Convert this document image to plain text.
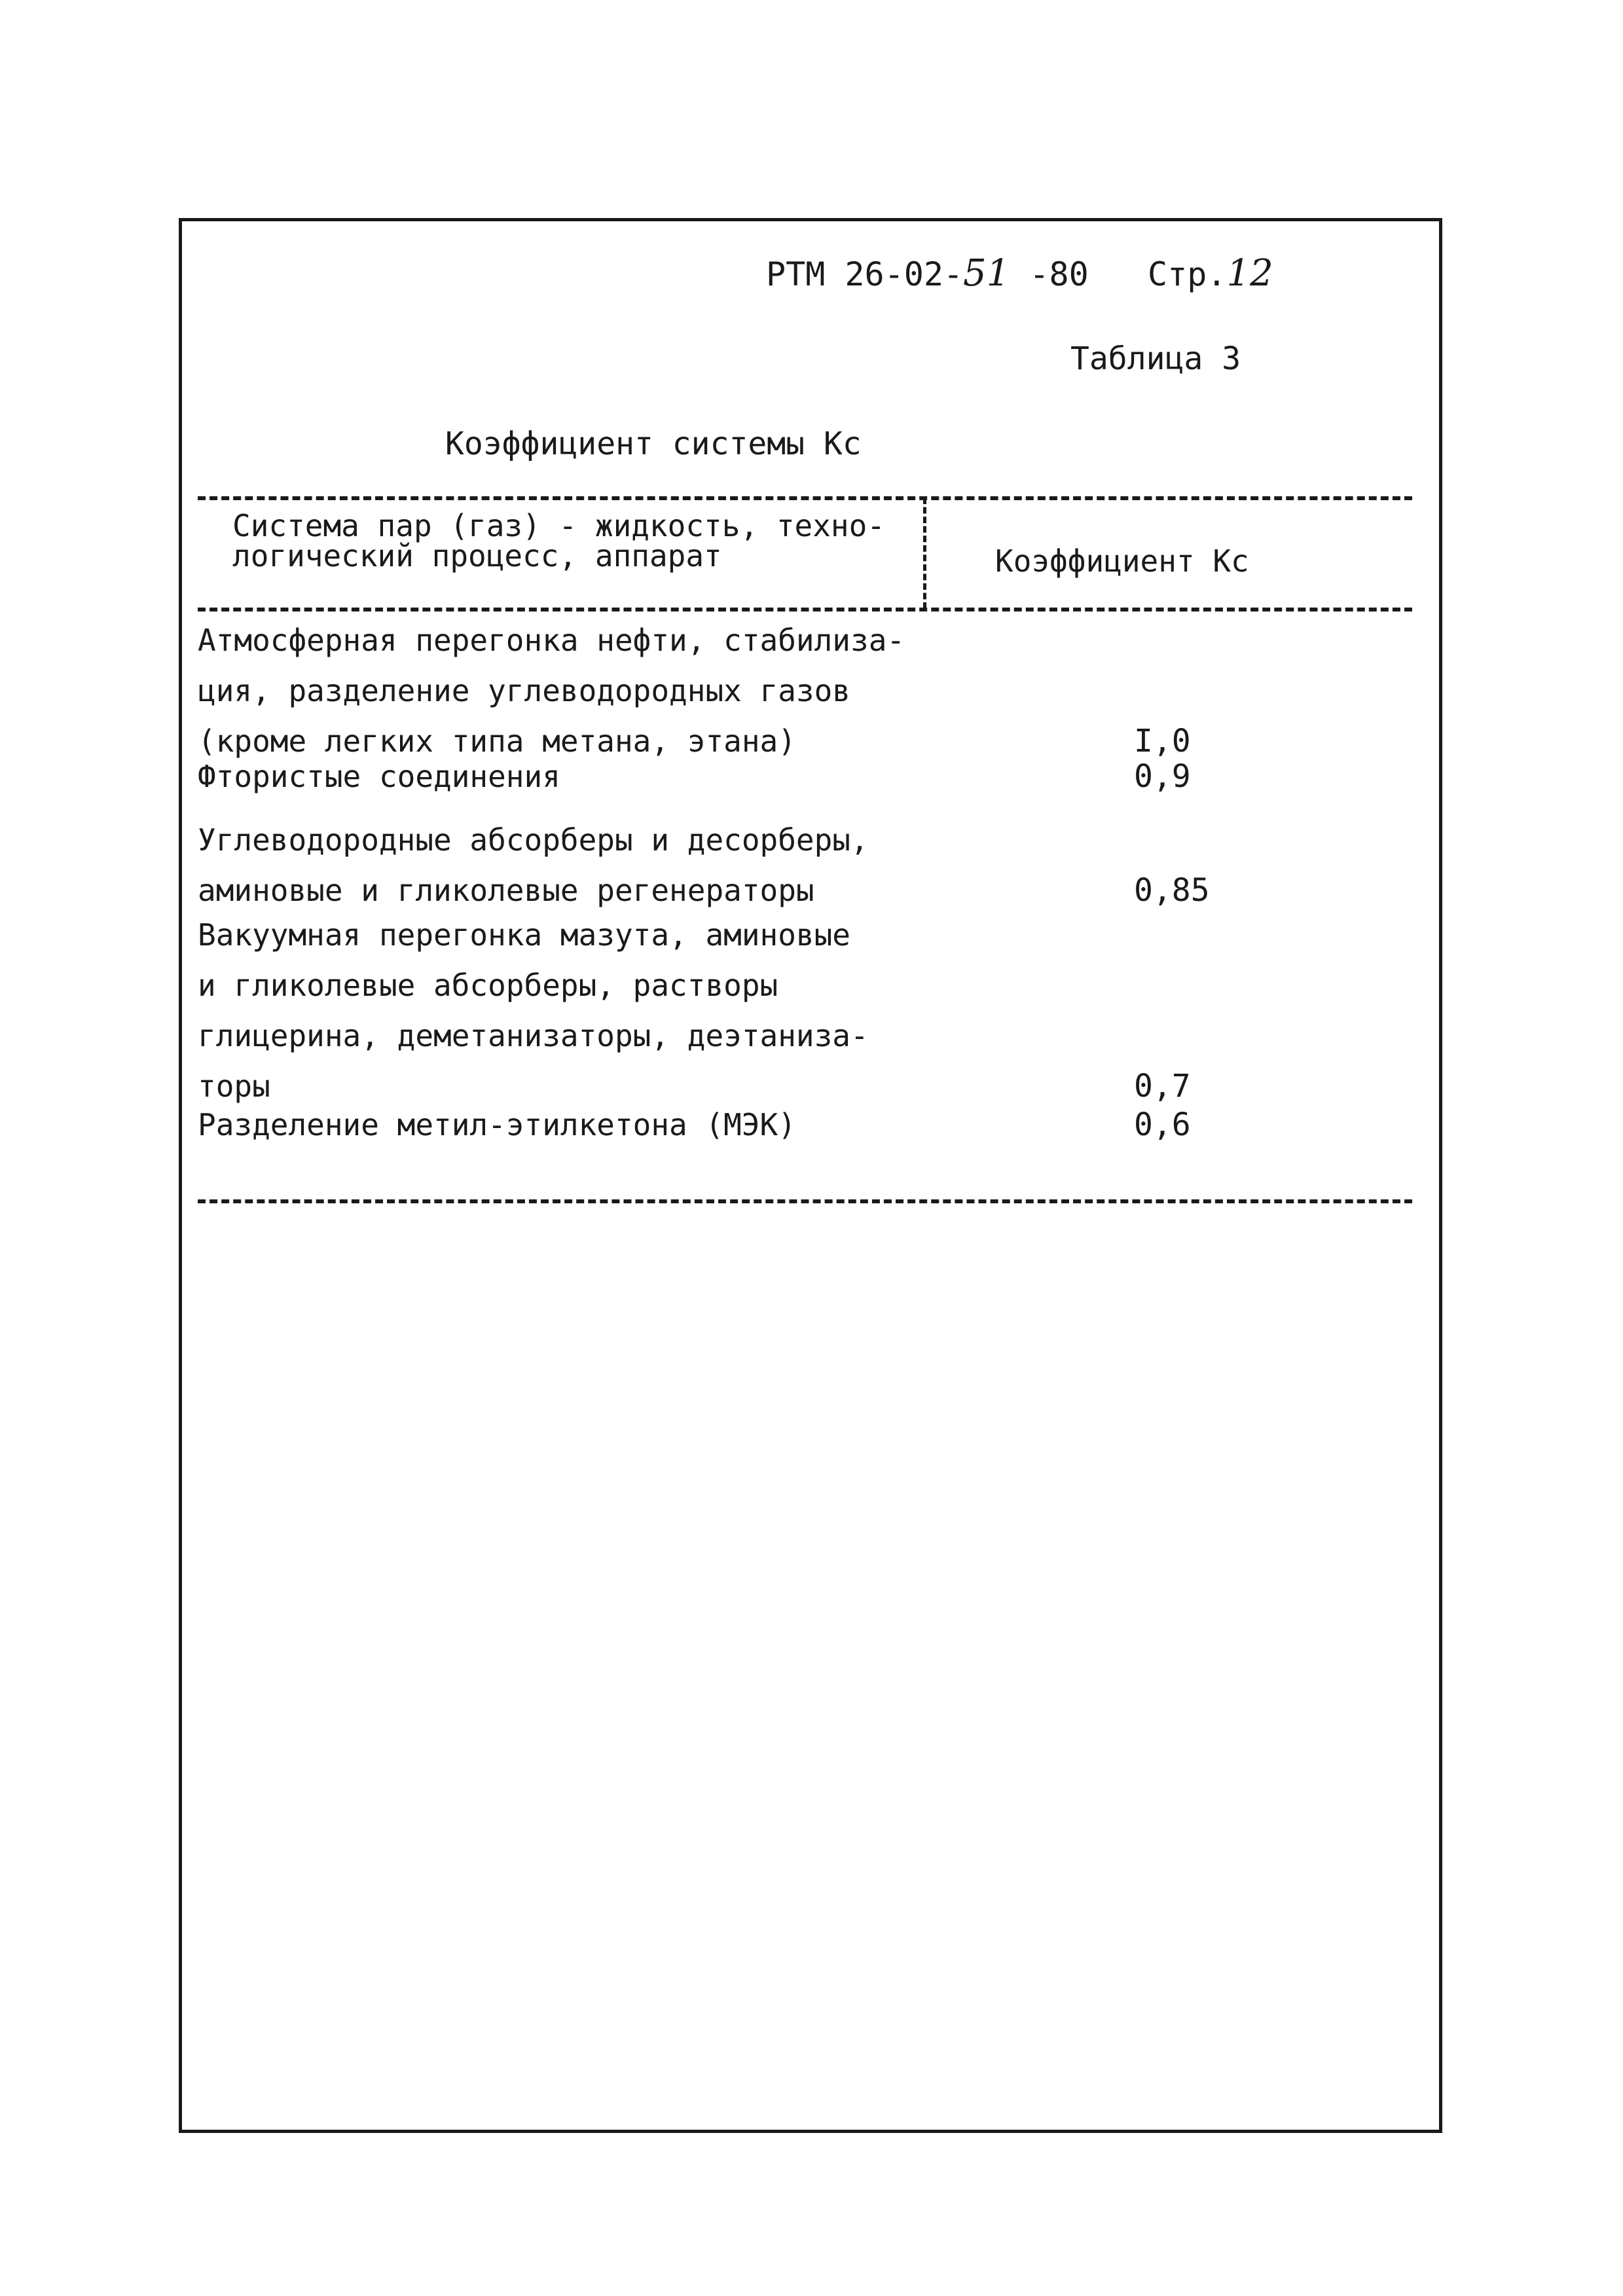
РТМ 26-02-51 -80 Стр.12
Таблица 3
Коэффициент системы Кс
Система пар (газ) - жидкость, техно-
логический процесс, аппарат	Коэффициент Кс
Атмосферная перегонка нефти, стабилиза-
ция, разделение углеводородных газов
(кроме легких типа метана, этана)	I,0
Фтористые соединения	0,9
Углеводородные абсорберы и десорберы,
аминовые и гликолевые регенераторы	0,85
Вакуумная перегонка мазута, аминовые
и гликолевые абсорберы, растворы
глицерина, деметанизаторы, деэтаниза-
торы	0,7
Разделение метил-этилкетона (МЭК)	0,6
